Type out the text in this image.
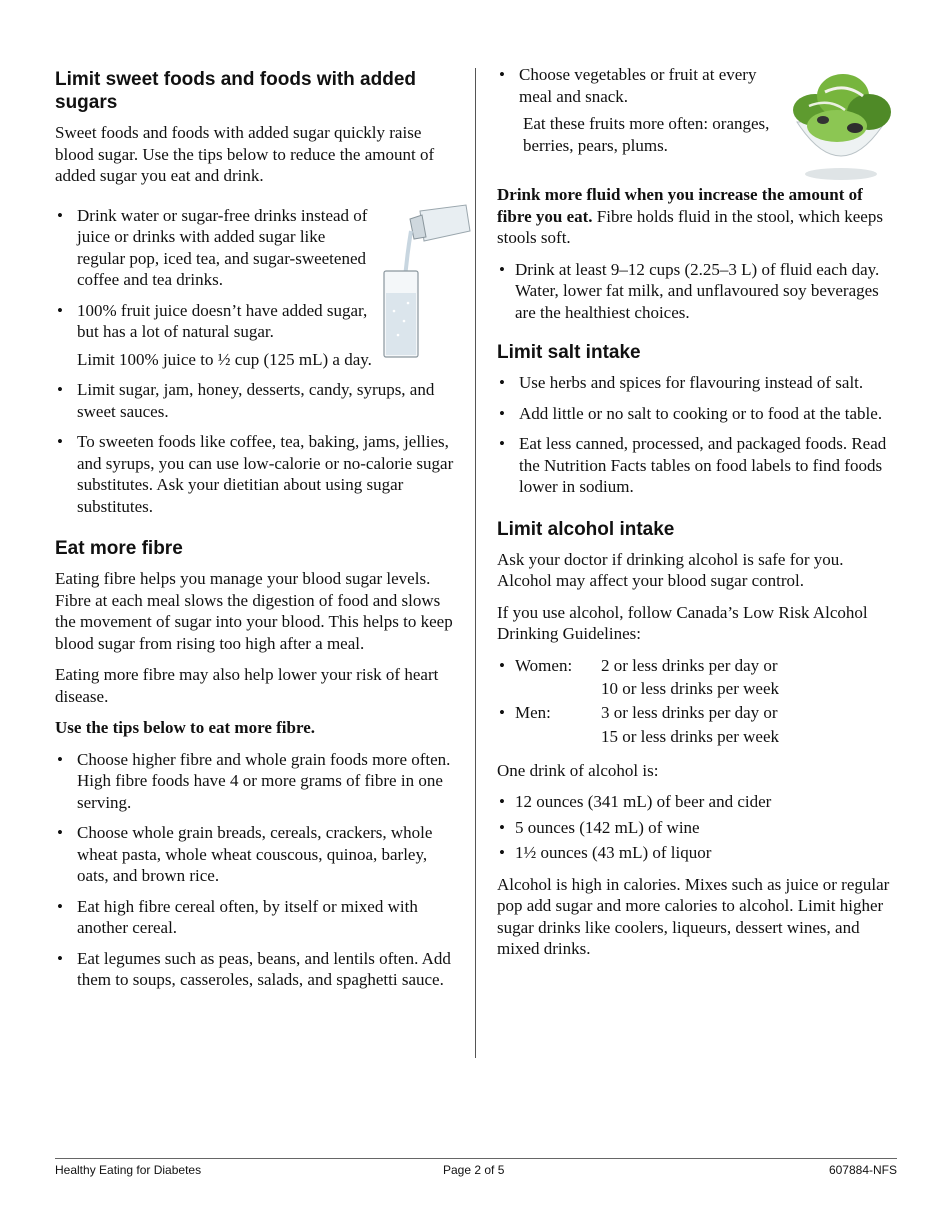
Limit sweet foods and foods with added sugars

Sweet foods and foods with added sugar quickly raise blood sugar. Use the tips below to reduce the amount of added sugar you eat and drink.

• Drink water or sugar-free drinks instead of juice or drinks with added sugar like regular pop, iced tea, and sugar-sweetened coffee and tea drinks.
• 100% fruit juice doesn’t have added sugar, but has a lot of natural sugar.
Limit 100% juice to ½ cup (125 mL) a day.
• Limit sugar, jam, honey, desserts, candy, syrups, and sweet sauces.
• To sweeten foods like coffee, tea, baking, jams, jellies, and syrups, you can use low-calorie or no-calorie sugar substitutes. Ask your dietitian about using sugar substitutes.
Eat more fibre

Eating fibre helps you manage your blood sugar levels. Fibre at each meal slows the digestion of food and slows the movement of sugar into your blood. This helps to keep blood sugar from rising too high after a meal.

Eating more fibre may also help lower your risk of heart disease.

Use the tips below to eat more fibre.

• Choose higher fibre and whole grain foods more often. High fibre foods have 4 or more grams of fibre in one serving.
• Choose whole grain breads, cereals, crackers, whole wheat pasta, whole wheat couscous, quinoa, barley, oats, and brown rice.
• Eat high fibre cereal often, by itself or mixed with another cereal.
• Eat legumes such as peas, beans, and lentils often. Add them to soups, casseroles, salads, and spaghetti sauce.
• Choose vegetables or fruit at every meal and snack.
Eat these fruits more often: oranges, berries, pears, plums.

Drink more fluid when you increase the amount of fibre you eat. Fibre holds fluid in the stool, which keeps stools soft.

• Drink at least 9–12 cups (2.25–3 L) of fluid each day. Water, lower fat milk, and unflavoured soy beverages are the healthiest choices.
Limit salt intake
• Use herbs and spices for flavouring instead of salt.
• Add little or no salt to cooking or to food at the table.
• Eat less canned, processed, and packaged foods. Read the Nutrition Facts tables on food labels to find foods lower in sodium.
Limit alcohol intake

Ask your doctor if drinking alcohol is safe for you. Alcohol may affect your blood sugar control.

If you use alcohol, follow Canada’s Low Risk Alcohol Drinking Guidelines:

• Women:	2 or less drinks per day or
10 or less drinks per week
• Men:	3 or less drinks per day or
15 or less drinks per week

One drink of alcohol is:

• 12 ounces (341 mL) of beer and cider
• 5 ounces (142 mL) of wine
• 1½ ounces (43 mL) of liquor

Alcohol is high in calories. Mixes such as juice or regular pop add sugar and more calories to alcohol. Limit higher sugar drinks like coolers, liqueurs, dessert wines, and mixed drinks.

Healthy Eating for Diabetes	Page 2 of 5	607884-NFS
